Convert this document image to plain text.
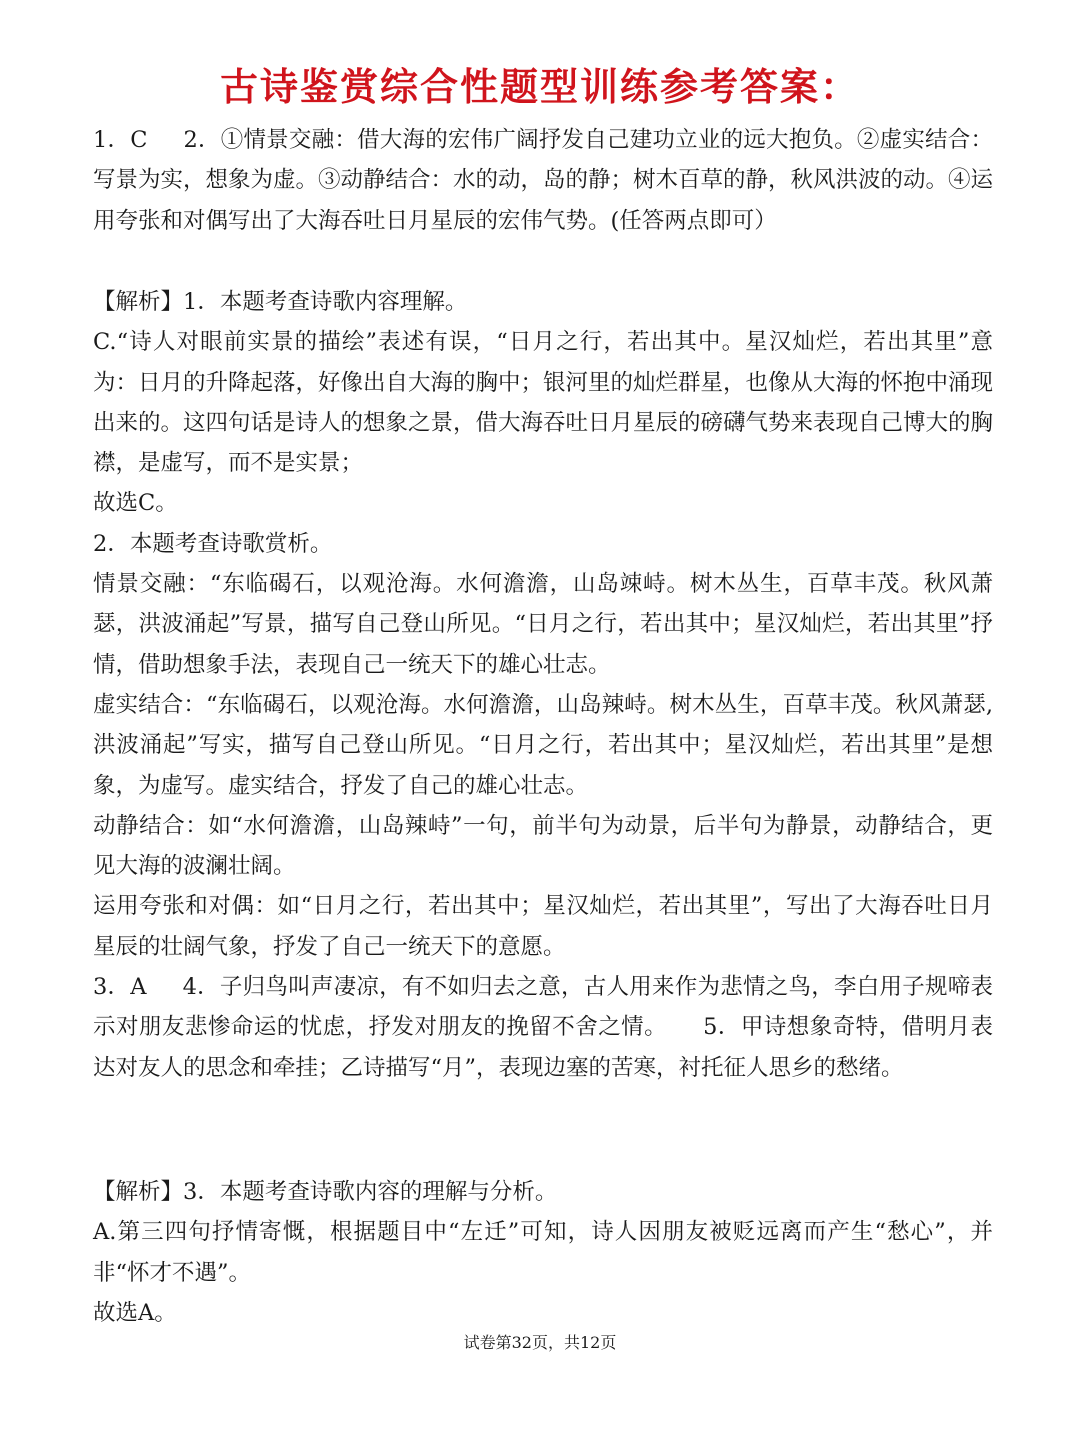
古诗鉴赏综合性题型训练参考答案：

1．C 2．①情景交融：借大海的宏伟广阔抒发自己建功立业的远大抱负。②虚实结合：写景为实，想象为虚。③动静结合：水的动，岛的静；树木百草的静，秋风洪波的动。④运用夸张和对偶写出了大海吞吐日月星辰的宏伟气势。(任答两点即可）

【解析】1．本题考查诗歌内容理解。

C.“诗人对眼前实景的描绘”表述有误，“日月之行，若出其中。星汉灿烂，若出其里”意为：日月的升降起落，好像出自大海的胸中；银河里的灿烂群星，也像从大海的怀抱中涌现出来的。这四句话是诗人的想象之景，借大海吞吐日月星辰的磅礴气势来表现自己博大的胸襟，是虚写，而不是实景；

故选C。

2．本题考查诗歌赏析。

情景交融：“东临碣石，以观沧海。水何澹澹，山岛竦峙。树木丛生，百草丰茂。秋风萧瑟，洪波涌起”写景，描写自己登山所见。“日月之行，若出其中；星汉灿烂，若出其里”抒情，借助想象手法，表现自己一统天下的雄心壮志。

虚实结合：“东临碣石，以观沧海。水何澹澹，山岛辣峙。树木丛生，百草丰茂。秋风萧瑟,洪波涌起”写实，描写自己登山所见。“日月之行，若出其中；星汉灿烂，若出其里”是想象，为虚写。虚实结合，抒发了自己的雄心壮志。

动静结合：如“水何澹澹，山岛辣峙”一句，前半句为动景，后半句为静景，动静结合，更见大海的波澜壮阔。

运用夸张和对偶：如“日月之行，若出其中；星汉灿烂，若出其里”，写出了大海吞吐日月星辰的壮阔气象，抒发了自己一统天下的意愿。

3．A 4．子归鸟叫声凄凉，有不如归去之意，古人用来作为悲情之鸟，李白用子规啼表示对朋友悲惨命运的忧虑，抒发对朋友的挽留不舍之情。 5．甲诗想象奇特，借明月表达对友人的思念和牵挂；乙诗描写“月”，表现边塞的苦寒，衬托征人思乡的愁绪。

【解析】3．本题考查诗歌内容的理解与分析。

A.第三四句抒情寄慨，根据题目中“左迁”可知，诗人因朋友被贬远离而产生“愁心”，并非“怀才不遇”。

故选A。

试卷第32页，共12页
